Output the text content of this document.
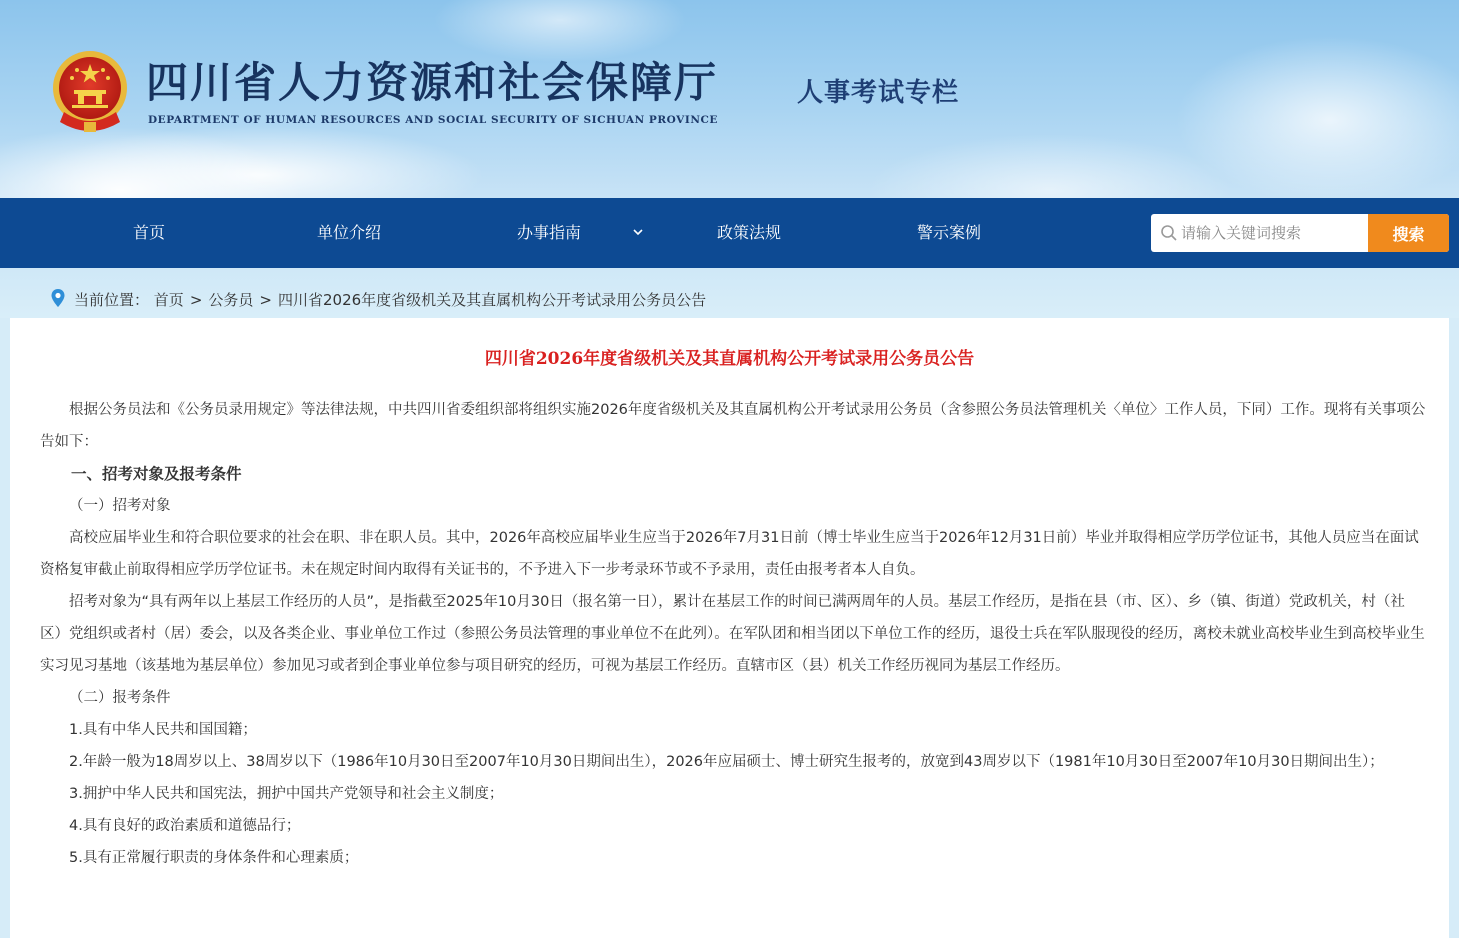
四川省人力资源和社会保障厅
DEPARTMENT OF HUMAN RESOURCES AND SOCIAL SECURITY OF SICHUAN PROVINCE
人事考试专栏
首页	单位介绍	办事指南	政策法规	警示案例
请输入关键词搜索	搜索
当前位置： 首页 > 公务员 > 四川省2026年度省级机关及其直属机构公开考试录用公务员公告
四川省2026年度省级机关及其直属机构公开考试录用公务员公告

根据公务员法和《公务员录用规定》等法律法规，中共四川省委组织部将组织实施2026年度省级机关及其直属机构公开考试录用公务员（含参照公务员法管理机关〈单位〉工作人员，下同）工作。现将有关事项公告如下：

一、招考对象及报考条件

（一）招考对象

高校应届毕业生和符合职位要求的社会在职、非在职人员。其中，2026年高校应届毕业生应当于2026年7月31日前（博士毕业生应当于2026年12月31日前）毕业并取得相应学历学位证书，其他人员应当在面试资格复审截止前取得相应学历学位证书。未在规定时间内取得有关证书的，不予进入下一步考录环节或不予录用，责任由报考者本人自负。

招考对象为“具有两年以上基层工作经历的人员”，是指截至2025年10月30日（报名第一日），累计在基层工作的时间已满两周年的人员。基层工作经历，是指在县（市、区）、乡（镇、街道）党政机关，村（社区）党组织或者村（居）委会，以及各类企业、事业单位工作过（参照公务员法管理的事业单位不在此列）。在军队团和相当团以下单位工作的经历，退役士兵在军队服现役的经历，离校未就业高校毕业生到高校毕业生实习见习基地（该基地为基层单位）参加见习或者到企事业单位参与项目研究的经历，可视为基层工作经历。直辖市区（县）机关工作经历视同为基层工作经历。

（二）报考条件

1.具有中华人民共和国国籍；

2.年龄一般为18周岁以上、38周岁以下（1986年10月30日至2007年10月30日期间出生），2026年应届硕士、博士研究生报考的，放宽到43周岁以下（1981年10月30日至2007年10月30日期间出生）；

3.拥护中华人民共和国宪法，拥护中国共产党领导和社会主义制度；

4.具有良好的政治素质和道德品行；

5.具有正常履行职责的身体条件和心理素质；
